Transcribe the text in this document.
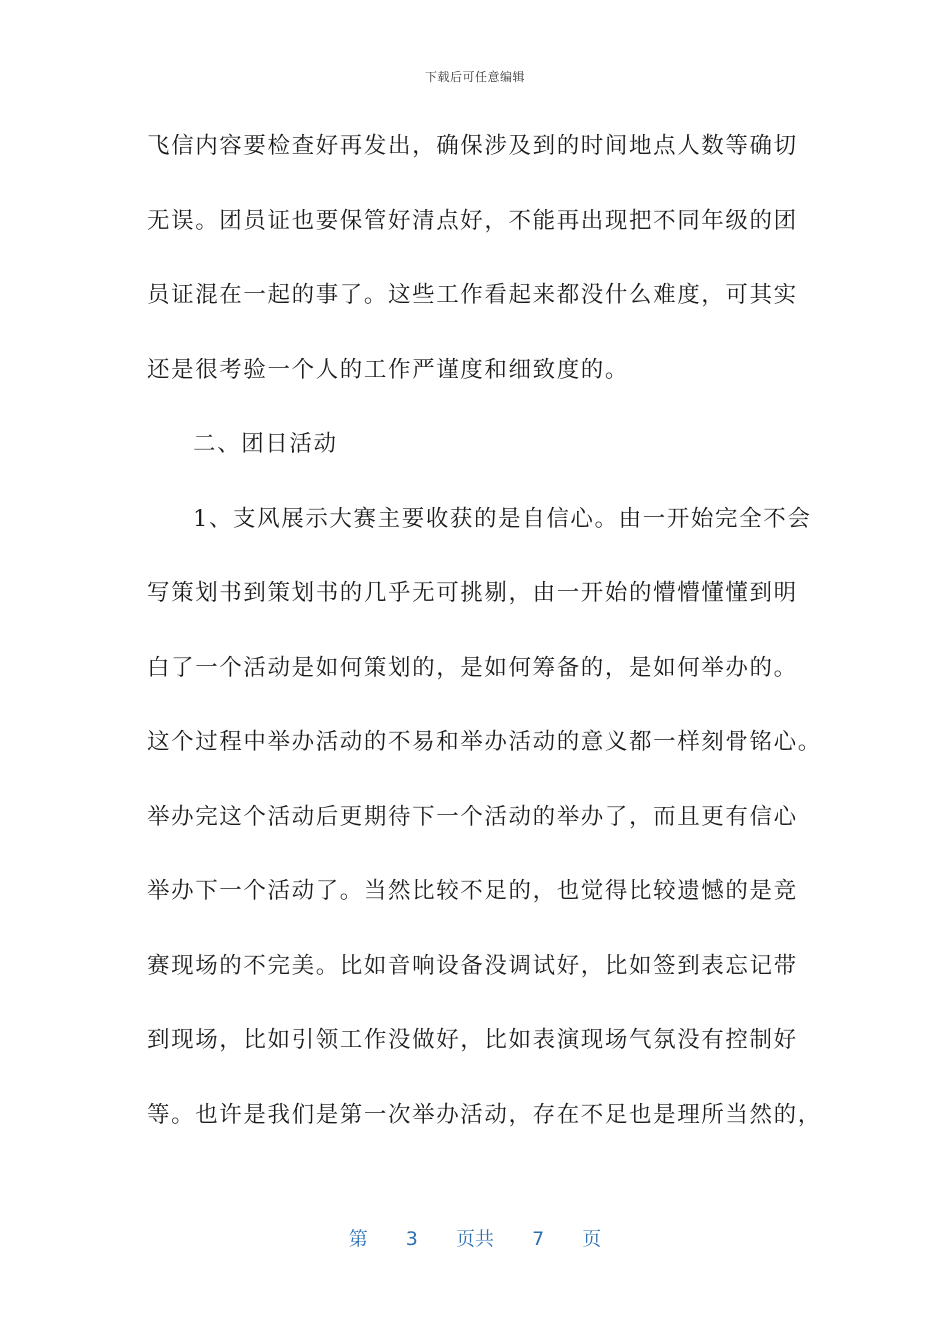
下载后可任意编辑
飞信内容要检查好再发出，确保涉及到的时间地点人数等确切
无误。团员证也要保管好清点好，不能再出现把不同年级的团
员证混在一起的事了。这些工作看起来都没什么难度，可其实
还是很考验一个人的工作严谨度和细致度的。
二、团日活动
1、支风展示大赛主要收获的是自信心。由一开始完全不会
写策划书到策划书的几乎无可挑剔，由一开始的懵懵懂懂到明
白了一个活动是如何策划的，是如何筹备的，是如何举办的。
这个过程中举办活动的不易和举办活动的意义都一样刻骨铭心。
举办完这个活动后更期待下一个活动的举办了，而且更有信心
举办下一个活动了。当然比较不足的，也觉得比较遗憾的是竞
赛现场的不完美。比如音响设备没调试好，比如签到表忘记带
到现场，比如引领工作没做好，比如表演现场气氛没有控制好
等。也许是我们是第一次举办活动，存在不足也是理所当然的，
第 3 页共 7 页
